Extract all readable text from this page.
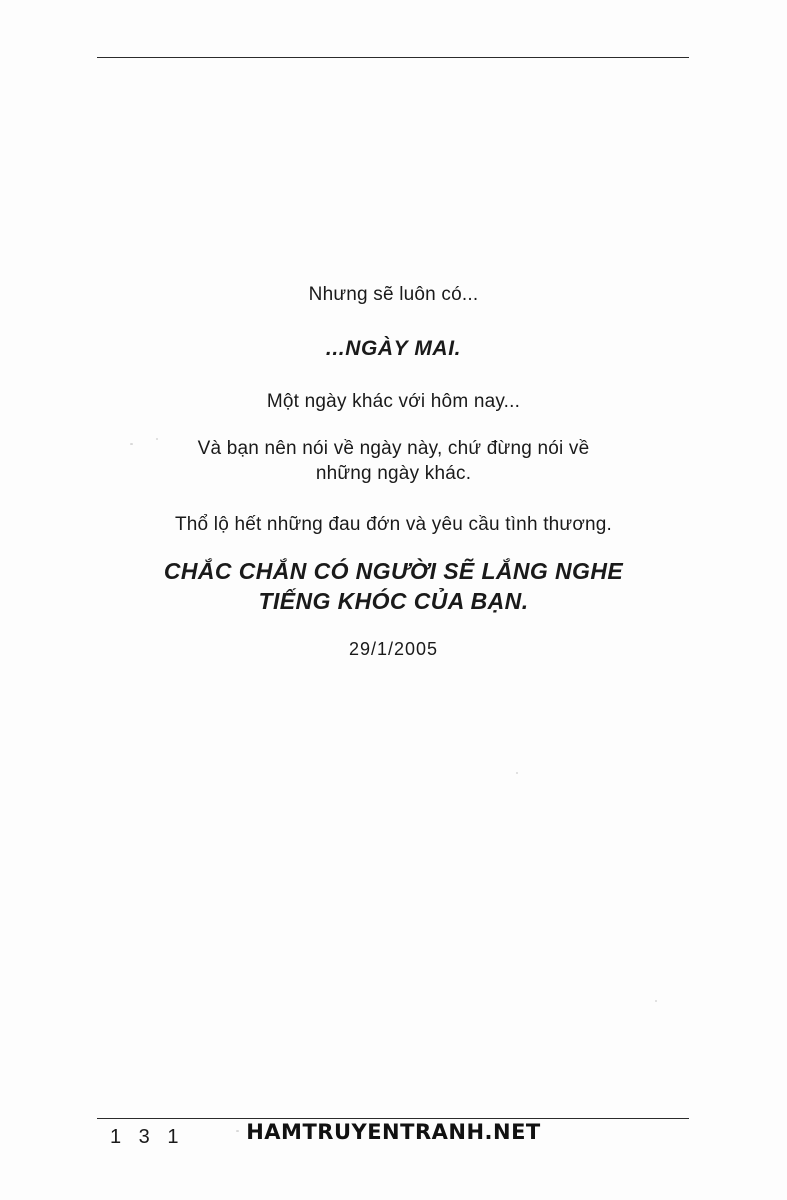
Nhưng sẽ luôn có...

...NGÀY MAI.

Một ngày khác với hôm nay...

Và bạn nên nói về ngày này, chứ đừng nói về

những ngày khác.

Thổ lộ hết những đau đớn và yêu cầu tình thương.

CHẮC CHẮN CÓ NGƯỜI SẼ LẮNG NGHE

TIẾNG KHÓC CỦA BẠN.

29/1/2005

1 3 1	HAMTRUYENTRANH.NET
